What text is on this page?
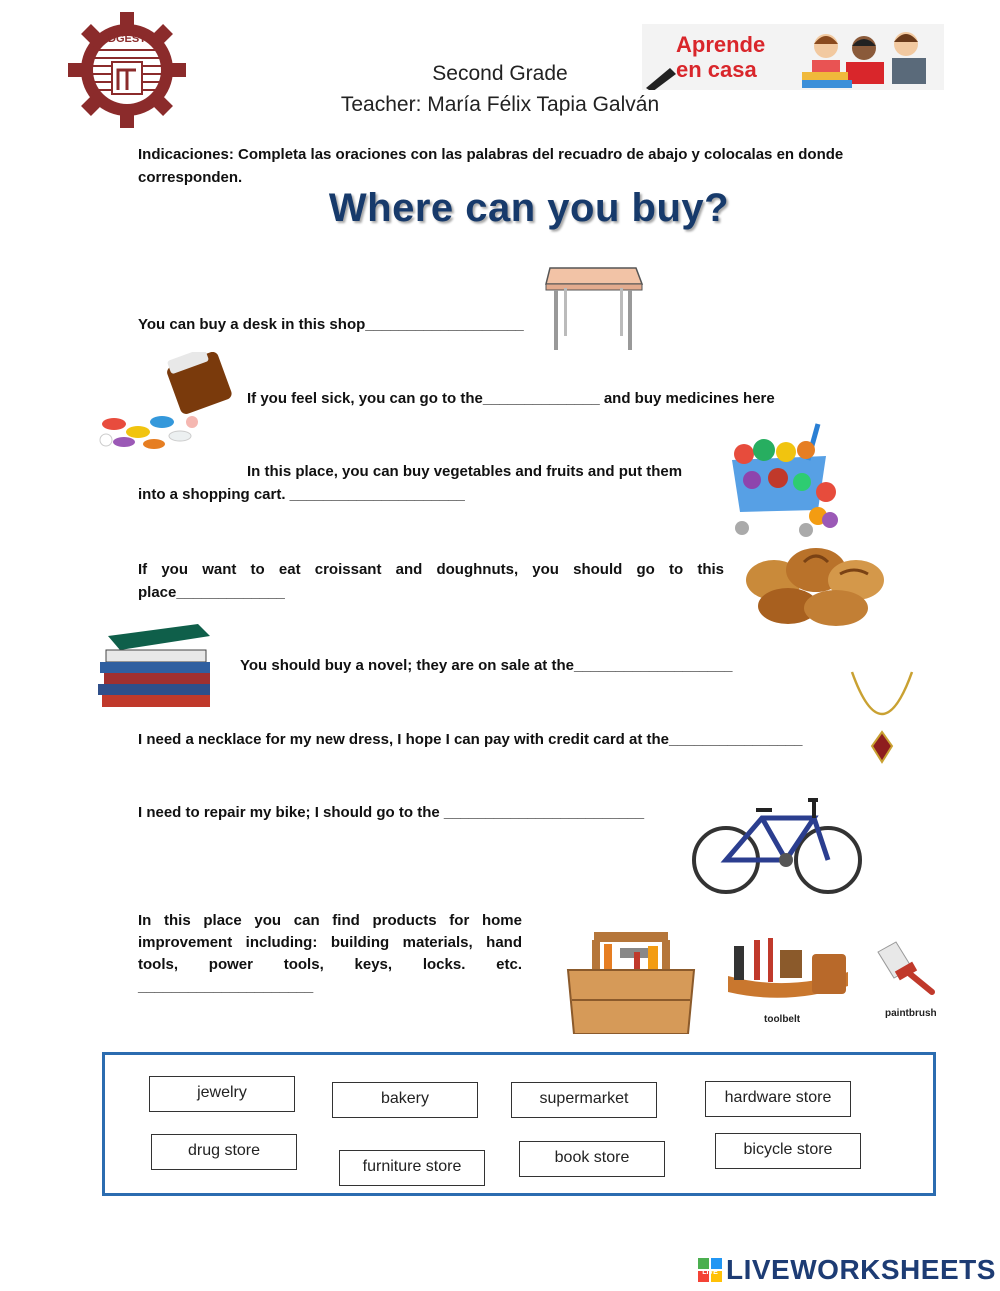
DGEST
Second Grade
Teacher: María Félix Tapia Galván
Aprende
en casa
Indicaciones: Completa las oraciones con las palabras del recuadro de abajo y colocalas en donde corresponden.
Where can you buy?
You can buy a desk in this shop___________________
If you feel sick, you can go to the______________ and buy medicines here
In this place, you can buy vegetables and fruits and put them
into a shopping cart. _____________________
If you want to eat croissant and doughnuts, you should go to this place_____________
You should buy a novel; they are on sale at the___________________
I need a necklace for my new dress, I hope I can pay with credit card at the________________
I need to repair my bike; I should go to the ________________________
In this place you can find products for home improvement including: building materials, hand tools, power tools, keys, locks. etc. _____________________
toolbelt
paintbrush
jewelry	bakery	supermarket	hardware store
drug store
furniture store
book store	bicycle store
LIVE LIVEWORKSHEETS
